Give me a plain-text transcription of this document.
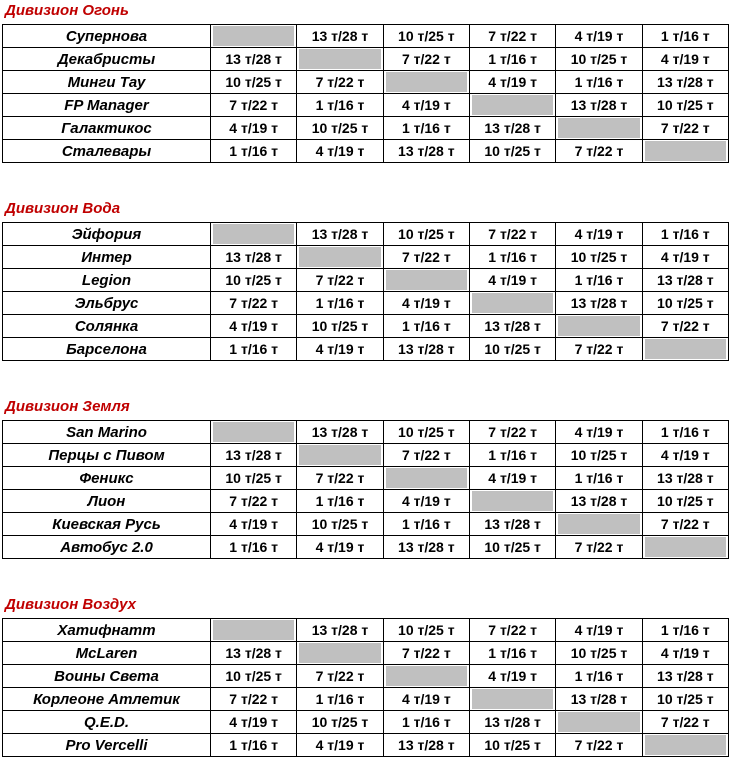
Дивизион Огонь
Супернова		13 т/28 т	10 т/25 т	7 т/22 т	4 т/19 т	1 т/16 т
Декабристы	13 т/28 т		7 т/22 т	1 т/16 т	10 т/25 т	4 т/19 т
Минги Тау	10 т/25 т	7 т/22 т		4 т/19 т	1 т/16 т	13 т/28 т
FP Manager	7 т/22 т	1 т/16 т	4 т/19 т		13 т/28 т	10 т/25 т
Галактикос	4 т/19 т	10 т/25 т	1 т/16 т	13 т/28 т		7 т/22 т
Сталевары	1 т/16 т	4 т/19 т	13 т/28 т	10 т/25 т	7 т/22 т	
Дивизион Вода
Эйфория		13 т/28 т	10 т/25 т	7 т/22 т	4 т/19 т	1 т/16 т
Интер	13 т/28 т		7 т/22 т	1 т/16 т	10 т/25 т	4 т/19 т
Legion	10 т/25 т	7 т/22 т		4 т/19 т	1 т/16 т	13 т/28 т
Эльбрус	7 т/22 т	1 т/16 т	4 т/19 т		13 т/28 т	10 т/25 т
Солянка	4 т/19 т	10 т/25 т	1 т/16 т	13 т/28 т		7 т/22 т
Барселона	1 т/16 т	4 т/19 т	13 т/28 т	10 т/25 т	7 т/22 т	
Дивизион Земля
San Marino		13 т/28 т	10 т/25 т	7 т/22 т	4 т/19 т	1 т/16 т
Перцы с Пивом	13 т/28 т		7 т/22 т	1 т/16 т	10 т/25 т	4 т/19 т
Феникс	10 т/25 т	7 т/22 т		4 т/19 т	1 т/16 т	13 т/28 т
Лион	7 т/22 т	1 т/16 т	4 т/19 т		13 т/28 т	10 т/25 т
Киевская Русь	4 т/19 т	10 т/25 т	1 т/16 т	13 т/28 т		7 т/22 т
Автобус 2.0	1 т/16 т	4 т/19 т	13 т/28 т	10 т/25 т	7 т/22 т	
Дивизион Воздух
Хатифнатт		13 т/28 т	10 т/25 т	7 т/22 т	4 т/19 т	1 т/16 т
McLaren	13 т/28 т		7 т/22 т	1 т/16 т	10 т/25 т	4 т/19 т
Воины Света	10 т/25 т	7 т/22 т		4 т/19 т	1 т/16 т	13 т/28 т
Корлеоне Атлетик	7 т/22 т	1 т/16 т	4 т/19 т		13 т/28 т	10 т/25 т
Q.E.D.	4 т/19 т	10 т/25 т	1 т/16 т	13 т/28 т		7 т/22 т
Pro Vercelli	1 т/16 т	4 т/19 т	13 т/28 т	10 т/25 т	7 т/22 т	
